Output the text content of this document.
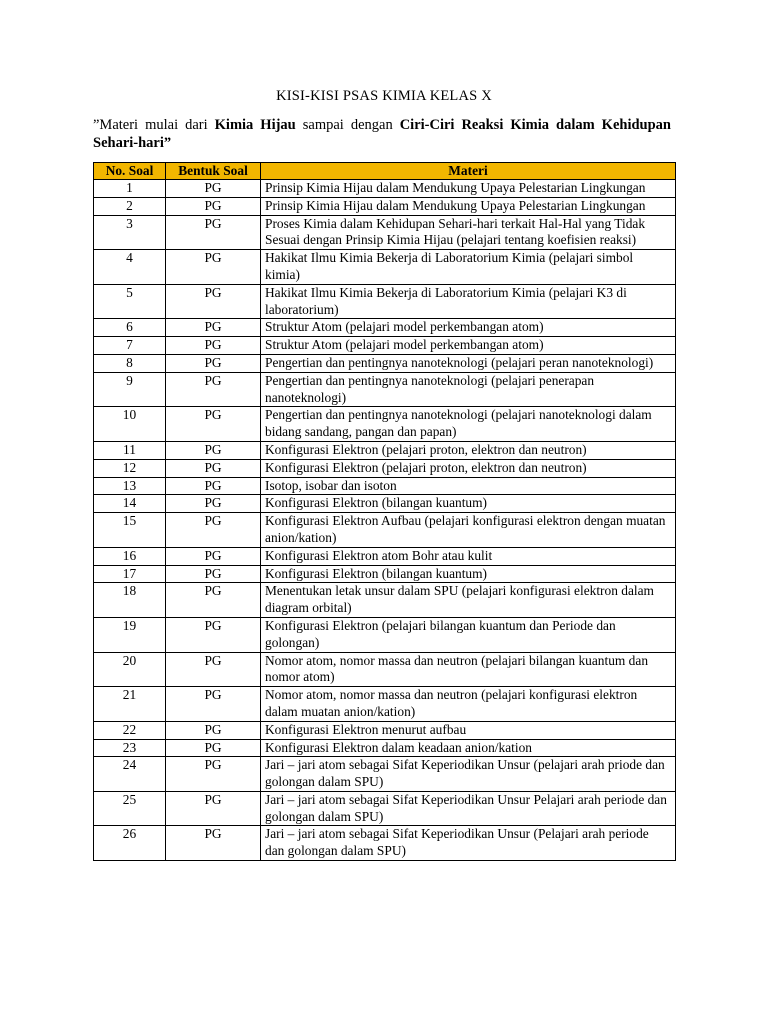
KISI-KISI PSAS KIMIA KELAS X
”Materi mulai dari Kimia Hijau sampai dengan Ciri-Ciri Reaksi Kimia dalam Kehidupan Sehari-hari”
No. Soal	Bentuk Soal	Materi
1	PG	Prinsip Kimia Hijau dalam Mendukung Upaya Pelestarian Lingkungan
2	PG	Prinsip Kimia Hijau dalam Mendukung Upaya Pelestarian Lingkungan
3	PG	Proses Kimia dalam Kehidupan Sehari-hari terkait Hal-Hal yang Tidak Sesuai dengan Prinsip Kimia Hijau (pelajari tentang koefisien reaksi)
4	PG	Hakikat Ilmu Kimia Bekerja di Laboratorium Kimia (pelajari simbol kimia)
5	PG	Hakikat Ilmu Kimia Bekerja di Laboratorium Kimia (pelajari K3 di laboratorium)
6	PG	Struktur Atom (pelajari model perkembangan atom)
7	PG	Struktur Atom (pelajari model perkembangan atom)
8	PG	Pengertian dan pentingnya nanoteknologi (pelajari peran nanoteknologi)
9	PG	Pengertian dan pentingnya nanoteknologi (pelajari penerapan nanoteknologi)
10	PG	Pengertian dan pentingnya nanoteknologi (pelajari nanoteknologi dalam bidang sandang, pangan dan papan)
11	PG	Konfigurasi Elektron (pelajari proton, elektron dan neutron)
12	PG	Konfigurasi Elektron (pelajari proton, elektron dan neutron)
13	PG	Isotop, isobar dan isoton
14	PG	Konfigurasi Elektron (bilangan kuantum)
15	PG	Konfigurasi Elektron Aufbau (pelajari konfigurasi elektron dengan muatan anion/kation)
16	PG	Konfigurasi Elektron atom Bohr atau kulit
17	PG	Konfigurasi Elektron (bilangan kuantum)
18	PG	Menentukan letak unsur dalam SPU (pelajari konfigurasi elektron dalam diagram orbital)
19	PG	Konfigurasi Elektron (pelajari bilangan kuantum dan Periode dan golongan)
20	PG	Nomor atom, nomor massa dan neutron (pelajari bilangan kuantum dan nomor atom)
21	PG	Nomor atom, nomor massa dan neutron (pelajari konfigurasi elektron dalam muatan anion/kation)
22	PG	Konfigurasi Elektron menurut aufbau
23	PG	Konfigurasi Elektron dalam keadaan anion/kation
24	PG	Jari – jari atom sebagai Sifat Keperiodikan Unsur (pelajari arah priode dan golongan dalam SPU)
25	PG	Jari – jari atom sebagai Sifat Keperiodikan Unsur Pelajari arah periode dan golongan dalam SPU)
26	PG	Jari – jari atom sebagai Sifat Keperiodikan Unsur (Pelajari arah periode dan golongan dalam SPU)
